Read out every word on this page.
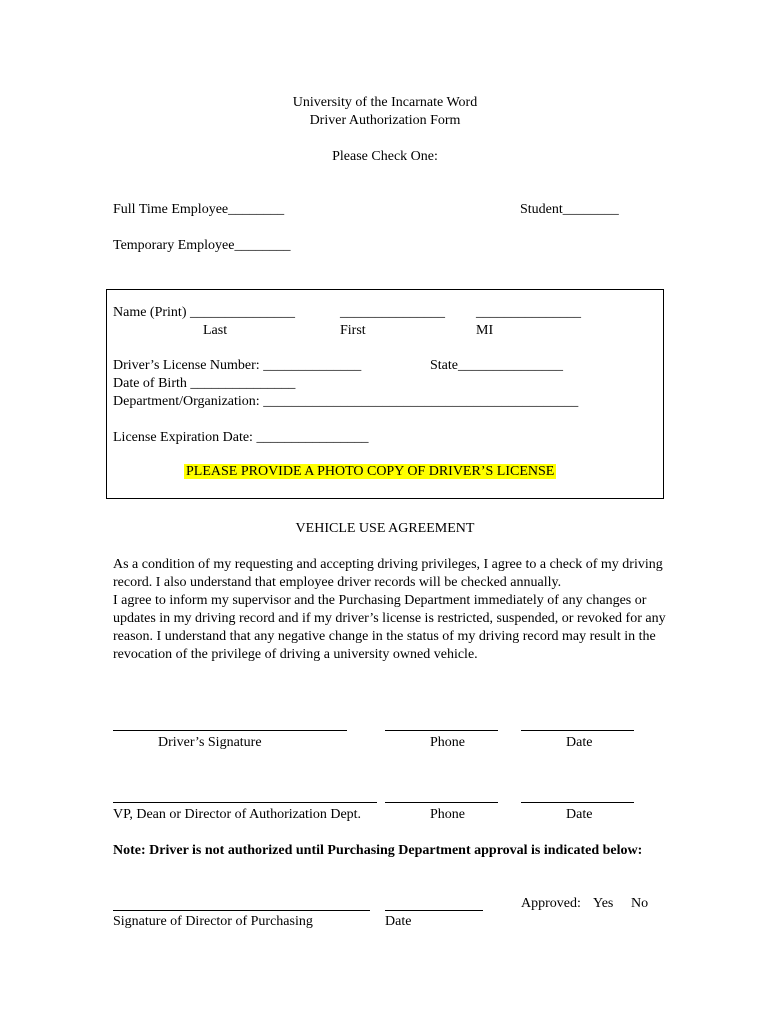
University of the Incarnate Word
Driver Authorization Form
Please Check One:
Full Time Employee________	Student________
Temporary Employee________
Name (Print) _______________	_______________ _______________
Last	First	MI
Driver’s License Number: ______________	State_______________
Date of Birth _______________
Department/Organization: _____________________________________________
License Expiration Date: ________________
PLEASE PROVIDE A PHOTO COPY OF DRIVER’S LICENSE
VEHICLE USE AGREEMENT

As a condition of my requesting and accepting driving privileges, I agree to a check of my driving record. I also understand that employee driver records will be checked annually.

I agree to inform my supervisor and the Purchasing Department immediately of any changes or updates in my driving record and if my driver’s license is restricted, suspended, or revoked for any reason. I understand that any negative change in the status of my driving record may result in the revocation of the privilege of driving a university owned vehicle.

Driver’s Signature	Phone	Date
VP, Dean or Director of Authorization Dept.	Phone	Date
Note: Driver is not authorized until Purchasing Department approval is indicated below:
Approved: Yes No
Signature of Director of Purchasing	Date
